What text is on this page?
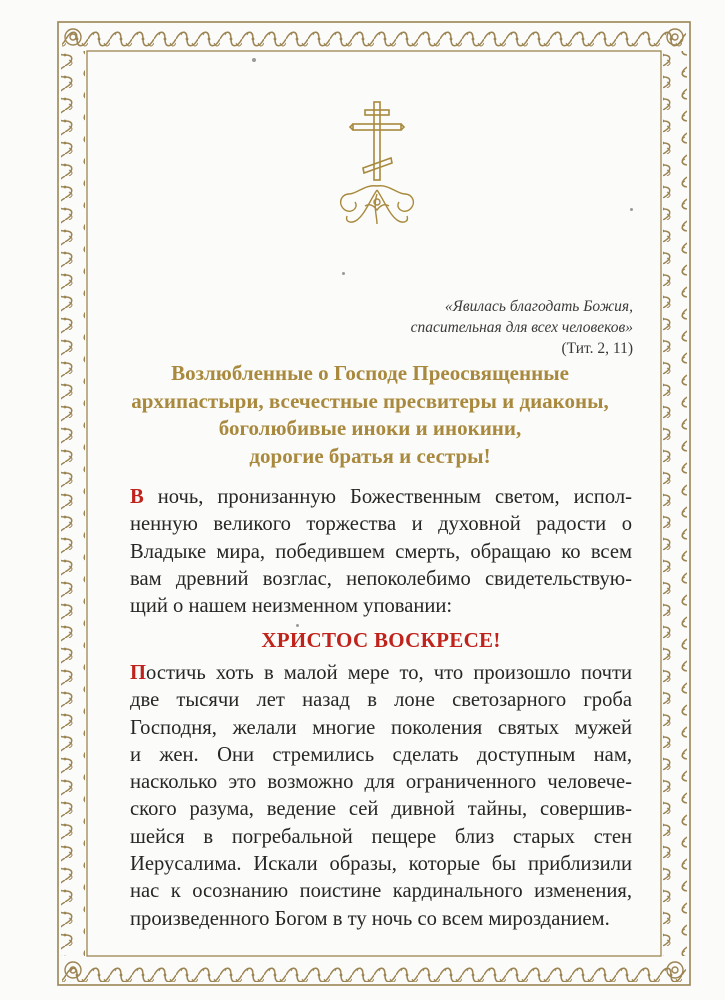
«Явилась благодать Божия,
спасительная для всех человеков»
(Тит. 2, 11)
Возлюбленные о Господе Преосвященные
архипастыри, всечестные пресвитеры и диаконы,
боголюбивые иноки и инокини,
дорогие братья и сестры!
В ночь, пронизанную Божественным светом, испол-
ненную великого торжества и духовной радости о
Владыке мира, победившем смерть, обращаю ко всем
вам древний возглас, непоколебимо свидетельствую-
щий о нашем неизменном уповании:
ХРИСТОС ВОСКРЕСЕ!
Постичь хоть в малой мере то, что произошло почти
две тысячи лет назад в лоне светозарного гроба
Господня, желали многие поколения святых мужей
и жен. Они стремились сделать доступным нам,
насколько это возможно для ограниченного человече-
ского разума, ведение сей дивной тайны, совершив-
шейся в погребальной пещере близ старых стен
Иерусалима. Искали образы, которые бы приблизили
нас к осознанию поистине кардинального изменения,
произведенного Богом в ту ночь со всем мирозданием.
